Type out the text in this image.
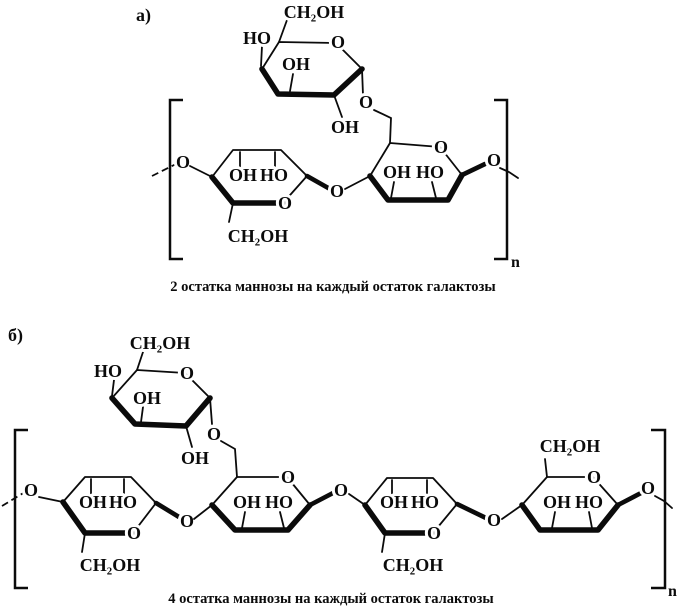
а)	CH₂OH
HO	O
OH
OH
O
O
OH HO
O
CH₂OH
O
O
OH HO
O
n
2 остатка маннозы на каждый остаток галактозы
б)	CH₂OH
HO	O
OH
OH
O
O
OH HO
O
CH₂OH
O
O
OH HO
O
OH HO
O
CH₂OH
O
CH₂OH
O
OH HO
O
n
4 остатка маннозы на каждый остаток галактозы
